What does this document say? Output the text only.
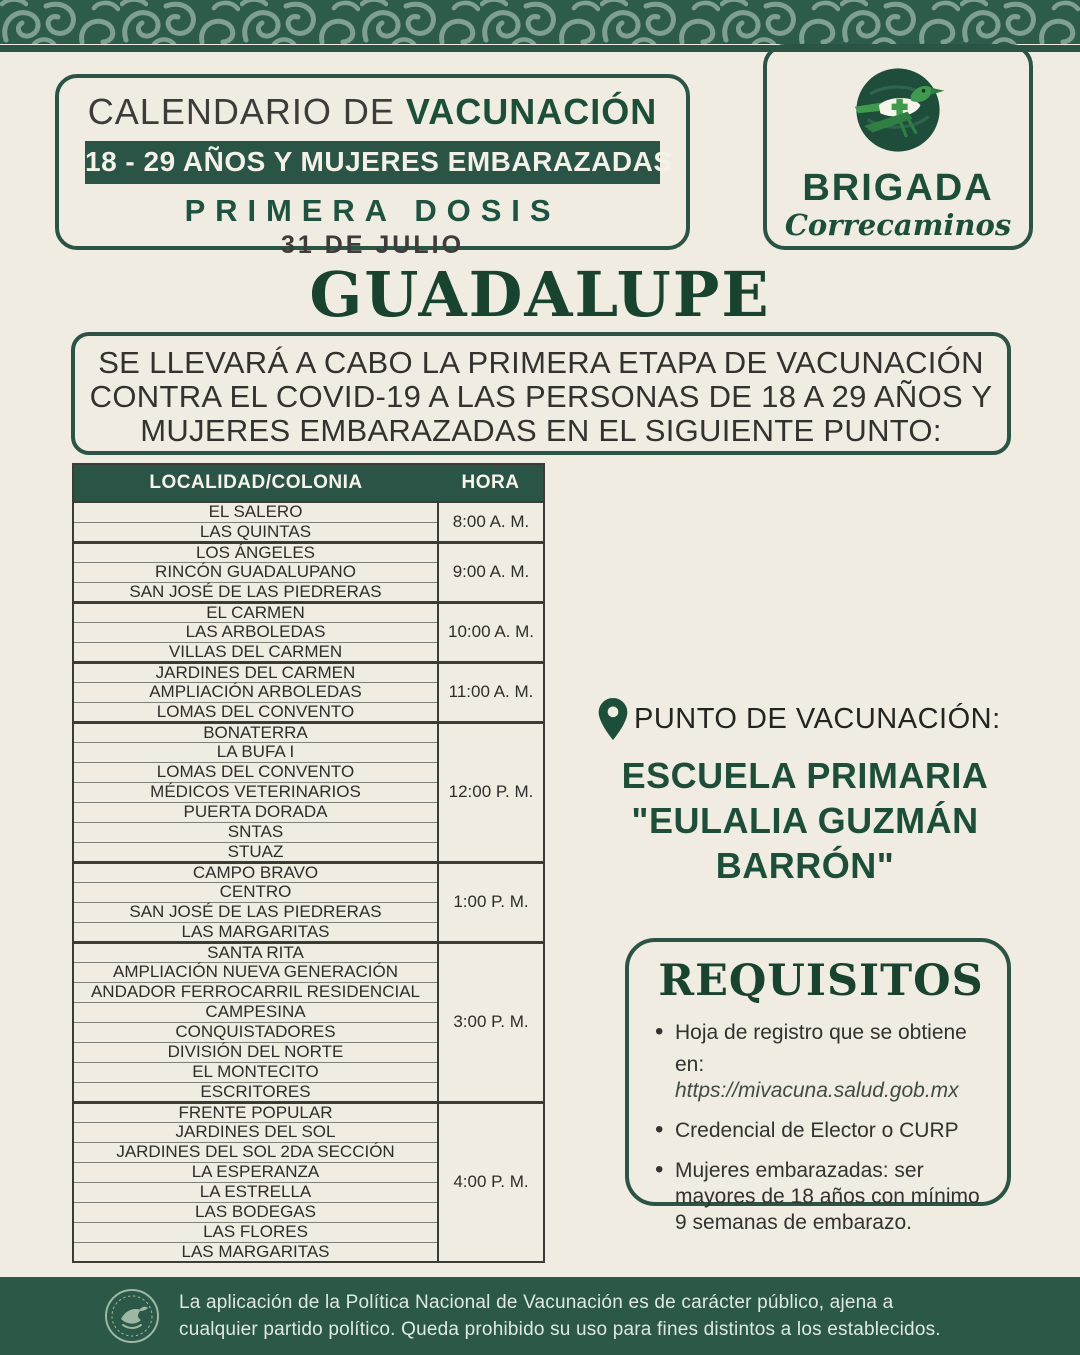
CALENDARIO DE VACUNACIÓN
18 - 29 AÑOS Y MUJERES EMBARAZADAS
PRIMERA DOSIS
31 DE JULIO
BRIGADA
Correcaminos
GUADALUPE
SE LLEVARÁ A CABO LA PRIMERA ETAPA DE VACUNACIÓN
CONTRA EL COVID-19 A LAS PERSONAS DE 18 A 29 AÑOS Y
MUJERES EMBARAZADAS EN EL SIGUIENTE PUNTO:
LOCALIDAD/COLONIA	HORA
EL SALERO	8:00 A. M.
LAS QUINTAS	
LOS ÁNGELES	9:00 A. M.
RINCÓN GUADALUPANO	
SAN JOSÉ DE LAS PIEDRERAS	
EL CARMEN	10:00 A. M.
LAS ARBOLEDAS	
VILLAS DEL CARMEN	
JARDINES DEL CARMEN	11:00 A. M.
AMPLIACIÓN ARBOLEDAS	
LOMAS DEL CONVENTO	
BONATERRA	12:00 P. M.
LA BUFA I	
LOMAS DEL CONVENTO	
MÉDICOS VETERINARIOS	
PUERTA DORADA	
SNTAS	
STUAZ	
CAMPO BRAVO	1:00 P. M.
CENTRO	
SAN JOSÉ DE LAS PIEDRERAS	
LAS MARGARITAS	
SANTA RITA	3:00 P. M.
AMPLIACIÓN NUEVA GENERACIÓN	
ANDADOR FERROCARRIL RESIDENCIAL	
CAMPESINA	
CONQUISTADORES	
DIVISIÓN DEL NORTE	
EL MONTECITO	
ESCRITORES	
FRENTE POPULAR	4:00 P. M.
JARDINES DEL SOL	
JARDINES DEL SOL 2DA SECCIÓN	
LA ESPERANZA	
LA ESTRELLA	
LAS BODEGAS	
LAS FLORES	
LAS MARGARITAS	
PUNTO DE VACUNACIÓN:
ESCUELA PRIMARIA "EULALIA GUZMÁN BARRÓN"
REQUISITOS
• Hoja de registro que se obtiene
en: https://mivacuna.salud.gob.mx
• Credencial de Elector o CURP
• Mujeres embarazadas: ser mayores de 18 años con mínimo 9 semanas de embarazo.
La aplicación de la Política Nacional de Vacunación es de carácter público, ajena a
cualquier partido político. Queda prohibido su uso para fines distintos a los establecidos.
